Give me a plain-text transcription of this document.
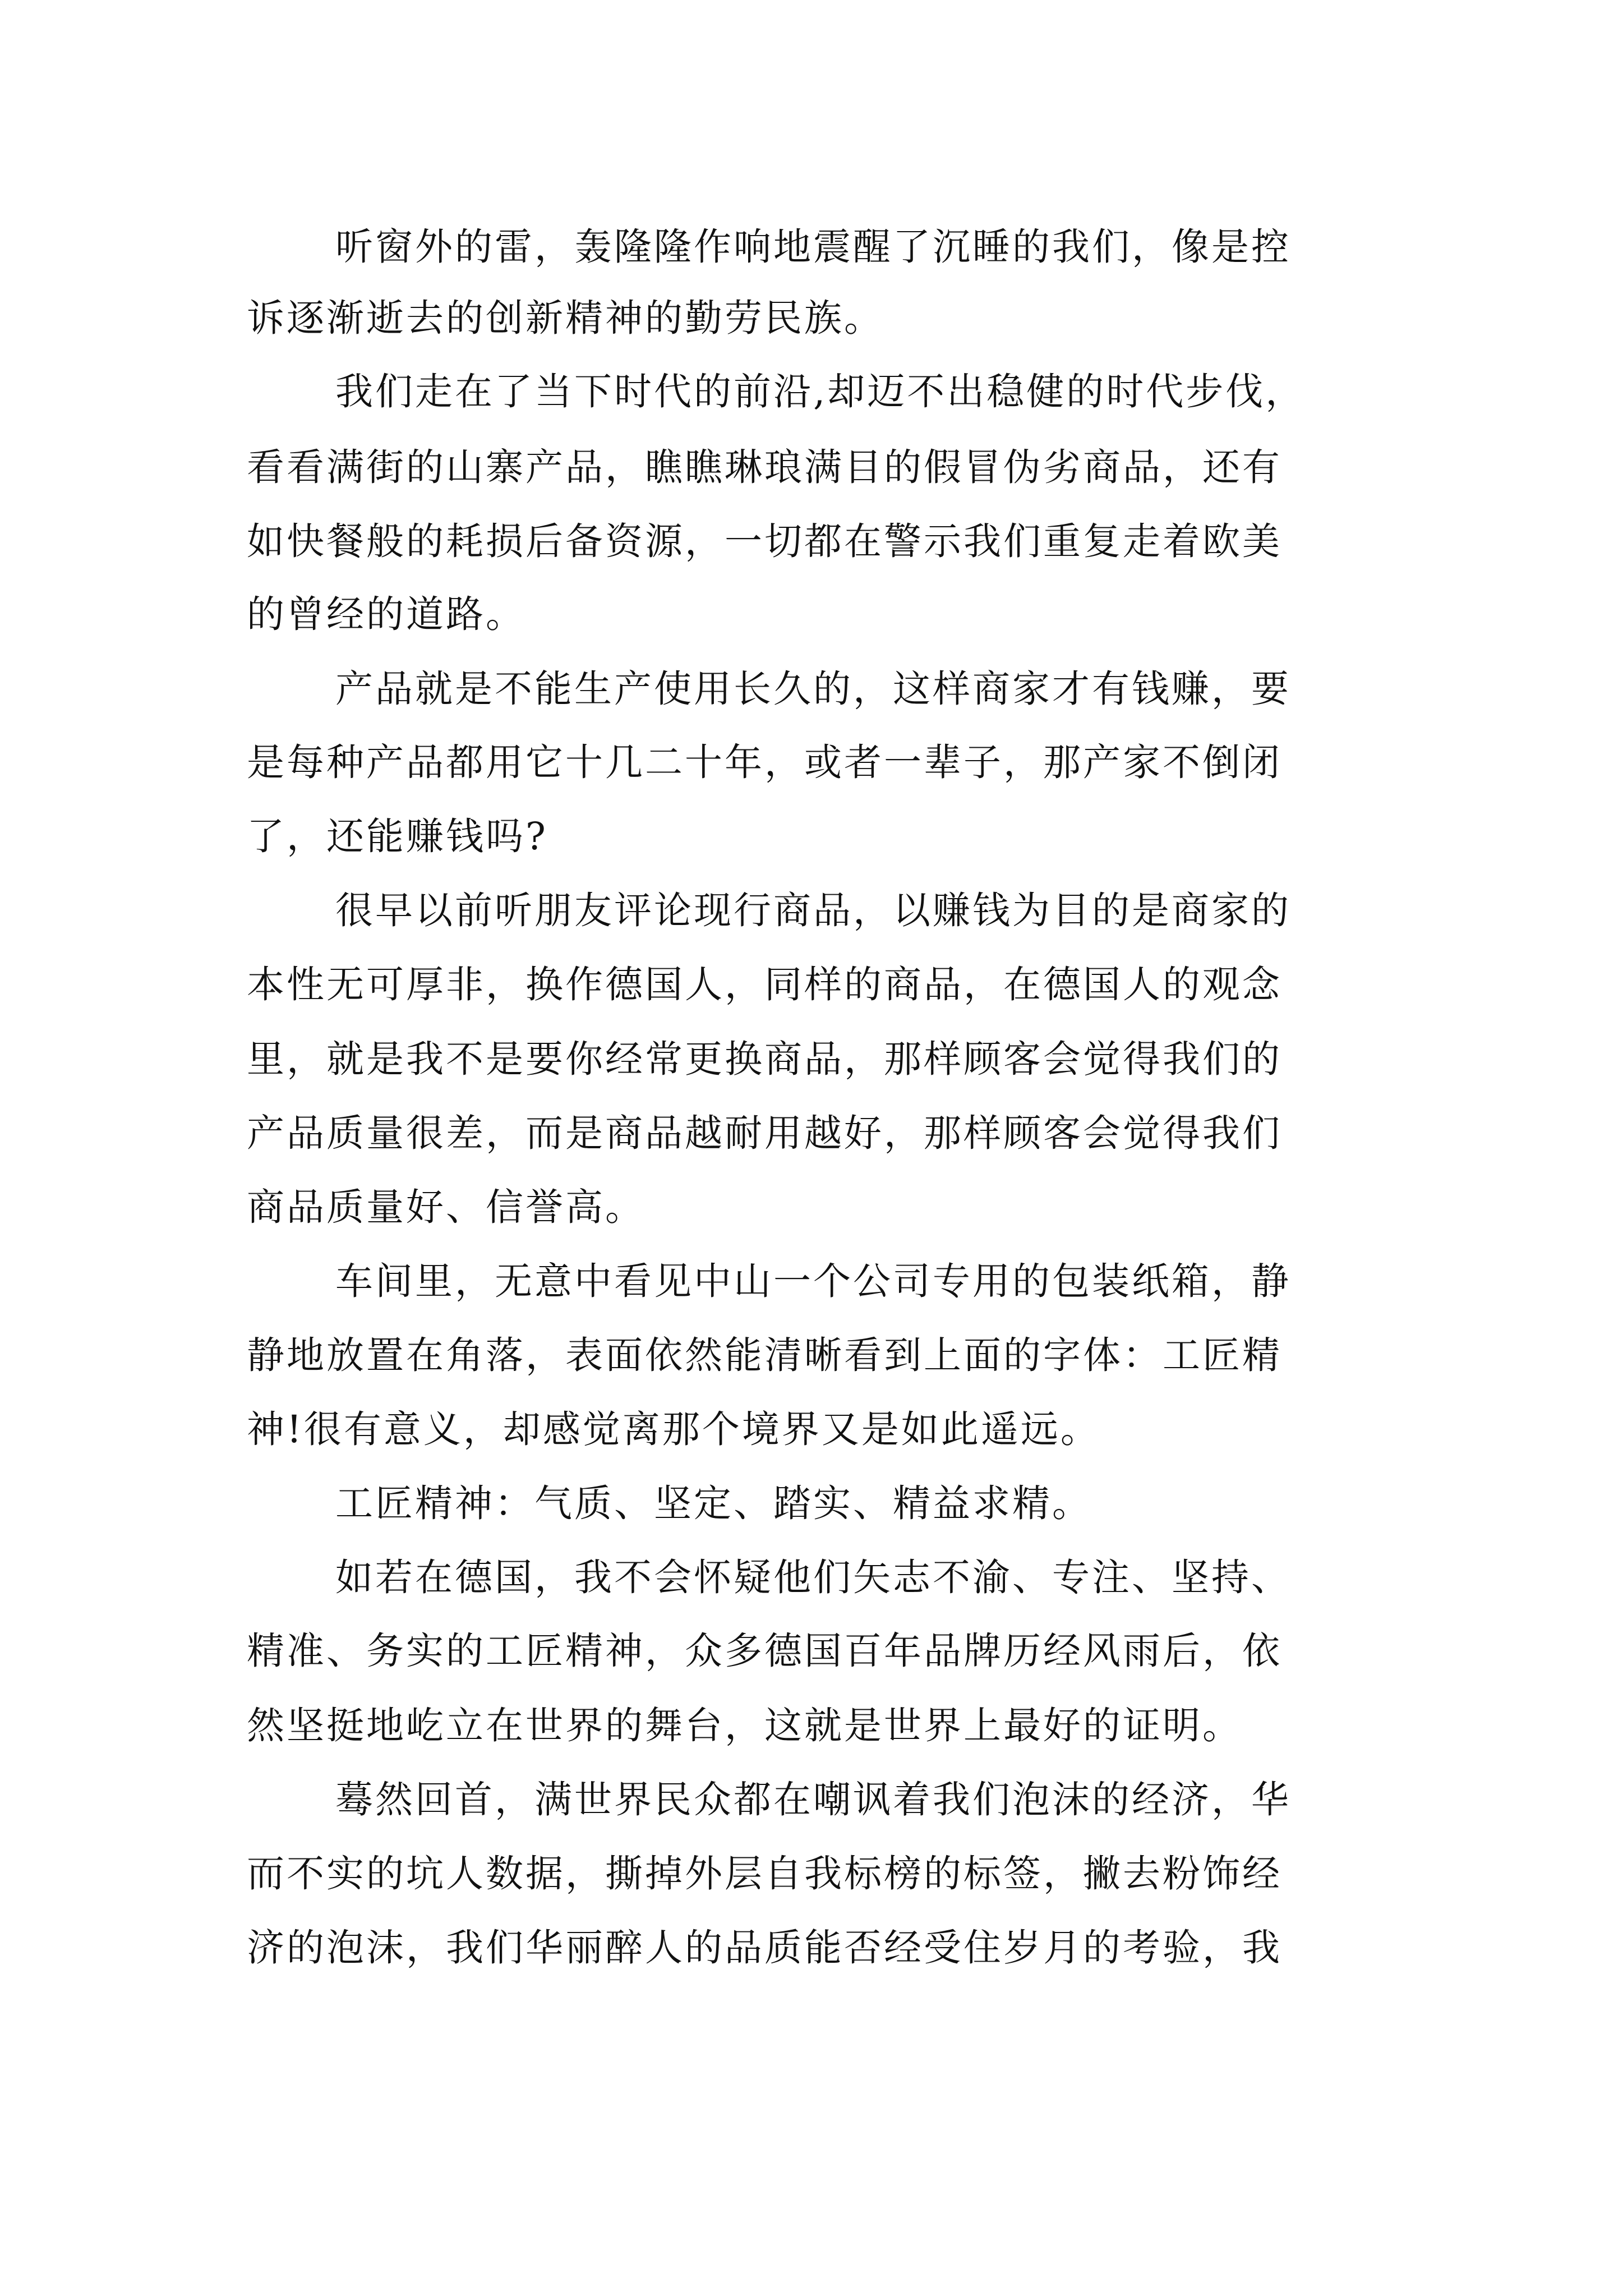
听窗外的雷，轰隆隆作响地震醒了沉睡的我们，像是控
诉逐渐逝去的创新精神的勤劳民族。
我们走在了当下时代的前沿,却迈不出稳健的时代步伐，
看看满街的山寨产品，瞧瞧琳琅满目的假冒伪劣商品，还有
如快餐般的耗损后备资源，一切都在警示我们重复走着欧美
的曾经的道路。
产品就是不能生产使用长久的，这样商家才有钱赚，要
是每种产品都用它十几二十年，或者一辈子，那产家不倒闭
了，还能赚钱吗?
很早以前听朋友评论现行商品，以赚钱为目的是商家的
本性无可厚非，换作德国人，同样的商品，在德国人的观念
里，就是我不是要你经常更换商品，那样顾客会觉得我们的
产品质量很差，而是商品越耐用越好，那样顾客会觉得我们
商品质量好、信誉高。
车间里，无意中看见中山一个公司专用的包装纸箱，静
静地放置在角落，表面依然能清晰看到上面的字体：工匠精
神!很有意义，却感觉离那个境界又是如此遥远。
工匠精神：气质、坚定、踏实、精益求精。
如若在德国，我不会怀疑他们矢志不渝、专注、坚持、
精准、务实的工匠精神，众多德国百年品牌历经风雨后，依
然坚挺地屹立在世界的舞台，这就是世界上最好的证明。
蓦然回首，满世界民众都在嘲讽着我们泡沫的经济，华
而不实的坑人数据，撕掉外层自我标榜的标签，撇去粉饰经
济的泡沫，我们华丽醉人的品质能否经受住岁月的考验，我
